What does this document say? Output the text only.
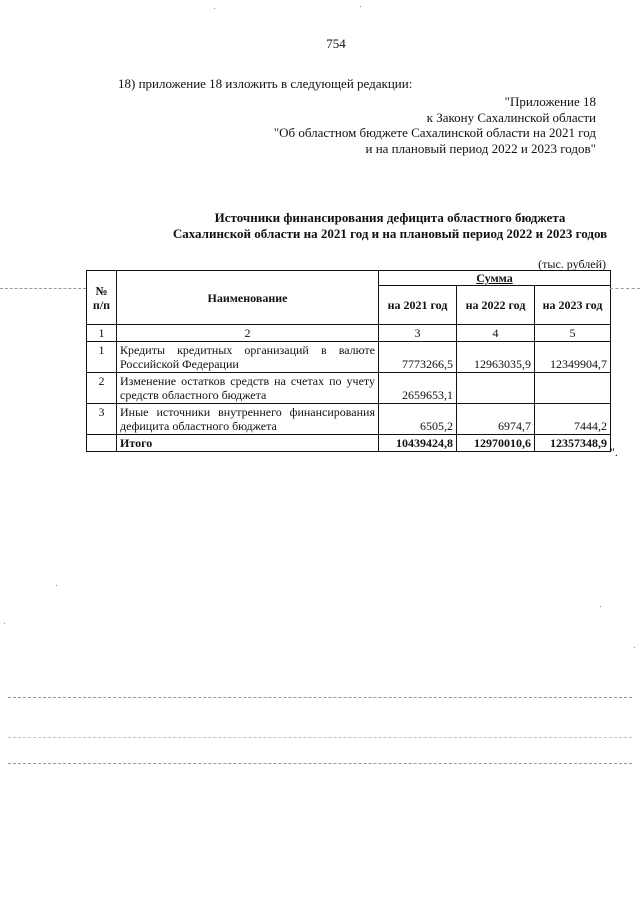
754
18) приложение 18 изложить в следующей редакции:
"Приложение 18
к Закону Сахалинской области
"Об областном бюджете Сахалинской области на 2021 год
и на плановый период 2022 и 2023 годов"
Источники финансирования дефицита областного бюджета
Сахалинской области на 2021 год и на плановый период 2022 и 2023 годов
(тыс. рублей)
№
п/п	Наименование	Сумма		
		на 2021 год	на 2022 год	на 2023 год
1	2	3	4	5
1	Кредиты кредитных организаций в валюте Российской Федерации	7773266,5	12963035,9	12349904,7
2	Изменение остатков средств на счетах по учету средств областного бюджета	2659653,1		
3	Иные источники внутреннего финансирования дефицита областного бюджета	6505,2	6974,7	7444,2
	Итого	10439424,8	12970010,6	12357348,9
".
